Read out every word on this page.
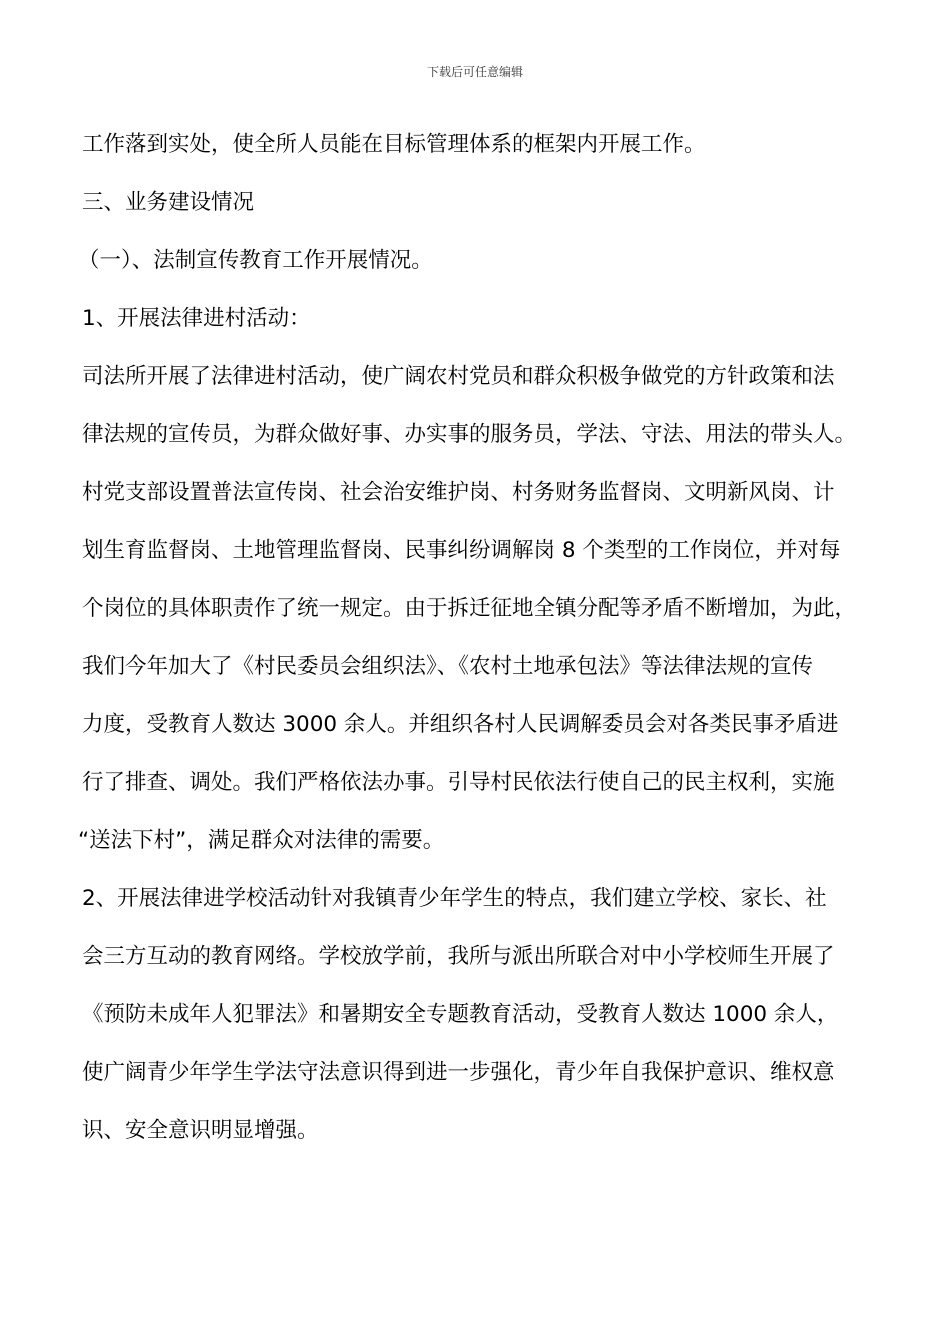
下载后可任意编辑
工作落到实处，使全所人员能在目标管理体系的框架内开展工作。
三、业务建设情况
（一）、法制宣传教育工作开展情况。
1、开展法律进村活动：
司法所开展了法律进村活动，使广阔农村党员和群众积极争做党的方针政策和法
律法规的宣传员，为群众做好事、办实事的服务员，学法、守法、用法的带头人。
村党支部设置普法宣传岗、社会治安维护岗、村务财务监督岗、文明新风岗、计
划生育监督岗、土地管理监督岗、民事纠纷调解岗 8 个类型的工作岗位，并对每
个岗位的具体职责作了统一规定。由于拆迁征地全镇分配等矛盾不断增加，为此，
我们今年加大了《村民委员会组织法》、《农村土地承包法》等法律法规的宣传
力度，受教育人数达 3000 余人。并组织各村人民调解委员会对各类民事矛盾进
行了排查、调处。我们严格依法办事。引导村民依法行使自己的民主权利，实施
“送法下村”，满足群众对法律的需要。
2、开展法律进学校活动针对我镇青少年学生的特点，我们建立学校、家长、社
会三方互动的教育网络。学校放学前，我所与派出所联合对中小学校师生开展了
《预防未成年人犯罪法》和暑期安全专题教育活动，受教育人数达 1000 余人，
使广阔青少年学生学法守法意识得到进一步强化，青少年自我保护意识、维权意
识、安全意识明显增强。
